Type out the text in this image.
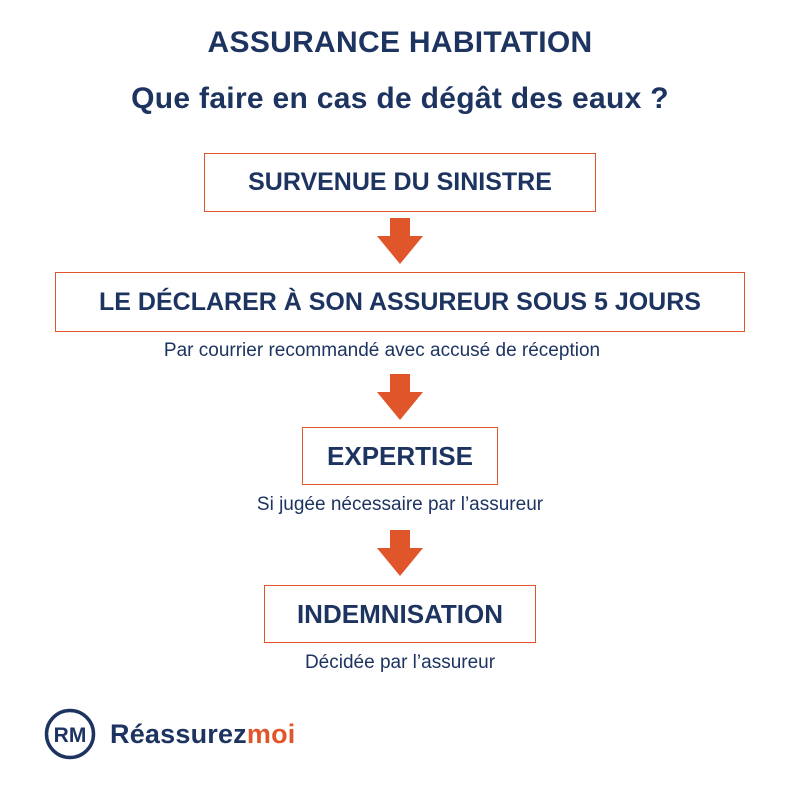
ASSURANCE HABITATION
Que faire en cas de dégât des eaux ?
SURVENUE DU SINISTRE
LE DÉCLARER À SON ASSUREUR SOUS 5 JOURS
Par courrier recommandé avec accusé de réception
EXPERTISE
Si jugée nécessaire par l’assureur
INDEMNISATION
Décidée par l’assureur
RM Réassurezmoi
